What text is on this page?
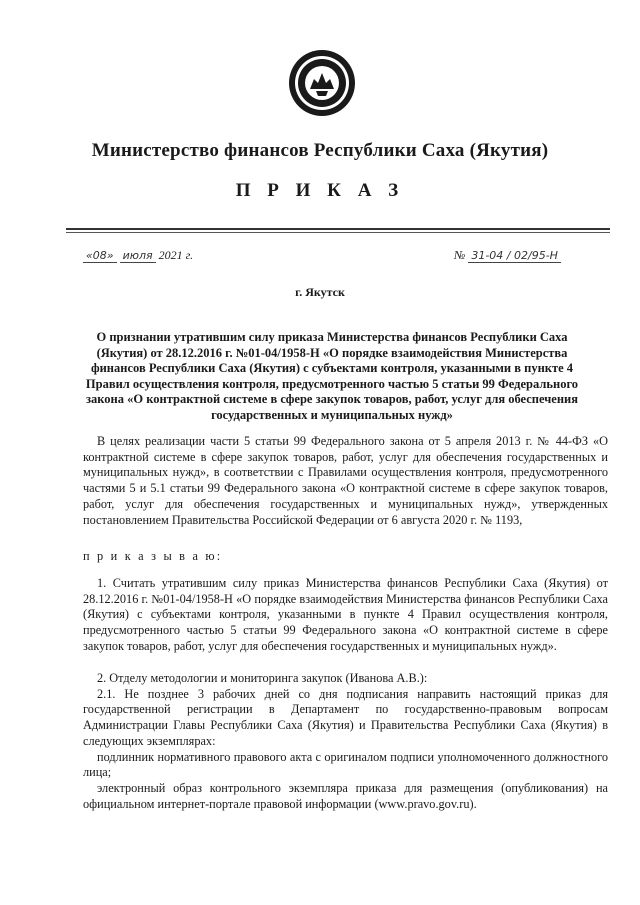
Министерство финансов Республики Саха (Якутия)
П Р И К А З
«08» июля 2021 г.	№ 31-04 / 02/95-Н
г. Якутск
О признании утратившим силу приказа Министерства финансов Республики Саха (Якутия) от 28.12.2016 г. №01-04/1958-Н «О порядке взаимодействия Министерства финансов Республики Саха (Якутия) с субъектами контроля, указанными в пункте 4 Правил осуществления контроля, предусмотренного частью 5 статьи 99 Федерального закона «О контрактной системе в сфере закупок товаров, работ, услуг для обеспечения государственных и муниципальных нужд»

В целях реализации части 5 статьи 99 Федерального закона от 5 апреля 2013 г. № 44-ФЗ «О контрактной системе в сфере закупок товаров, работ, услуг для обеспечения государственных и муниципальных нужд», в соответствии с Правилами осуществления контроля, предусмотренного частями 5 и 5.1 статьи 99 Федерального закона «О контрактной системе в сфере закупок товаров, работ, услуг для обеспечения государственных и муниципальных нужд», утвержденных постановлением Правительства Российской Федерации от 6 августа 2020 г. № 1193,

п р и к а з ы в а ю:

1. Считать утратившим силу приказ Министерства финансов Республики Саха (Якутия) от 28.12.2016 г. №01-04/1958-Н «О порядке взаимодействия Министерства финансов Республики Саха (Якутия) с субъектами контроля, указанными в пункте 4 Правил осуществления контроля, предусмотренного частью 5 статьи 99 Федерального закона «О контрактной системе в сфере закупок товаров, работ, услуг для обеспечения государственных и муниципальных нужд».

2. Отделу методологии и мониторинга закупок (Иванова А.В.):

2.1. Не позднее 3 рабочих дней со дня подписания направить настоящий приказ для государственной регистрации в Департамент по государственно-правовым вопросам Администрации Главы Республики Саха (Якутия) и Правительства Республики Саха (Якутия) в следующих экземплярах:

подлинник нормативного правового акта с оригиналом подписи уполномоченного должностного лица;

электронный образ контрольного экземпляра приказа для размещения (опубликования) на официальном интернет-портале правовой информации (www.pravo.gov.ru).
